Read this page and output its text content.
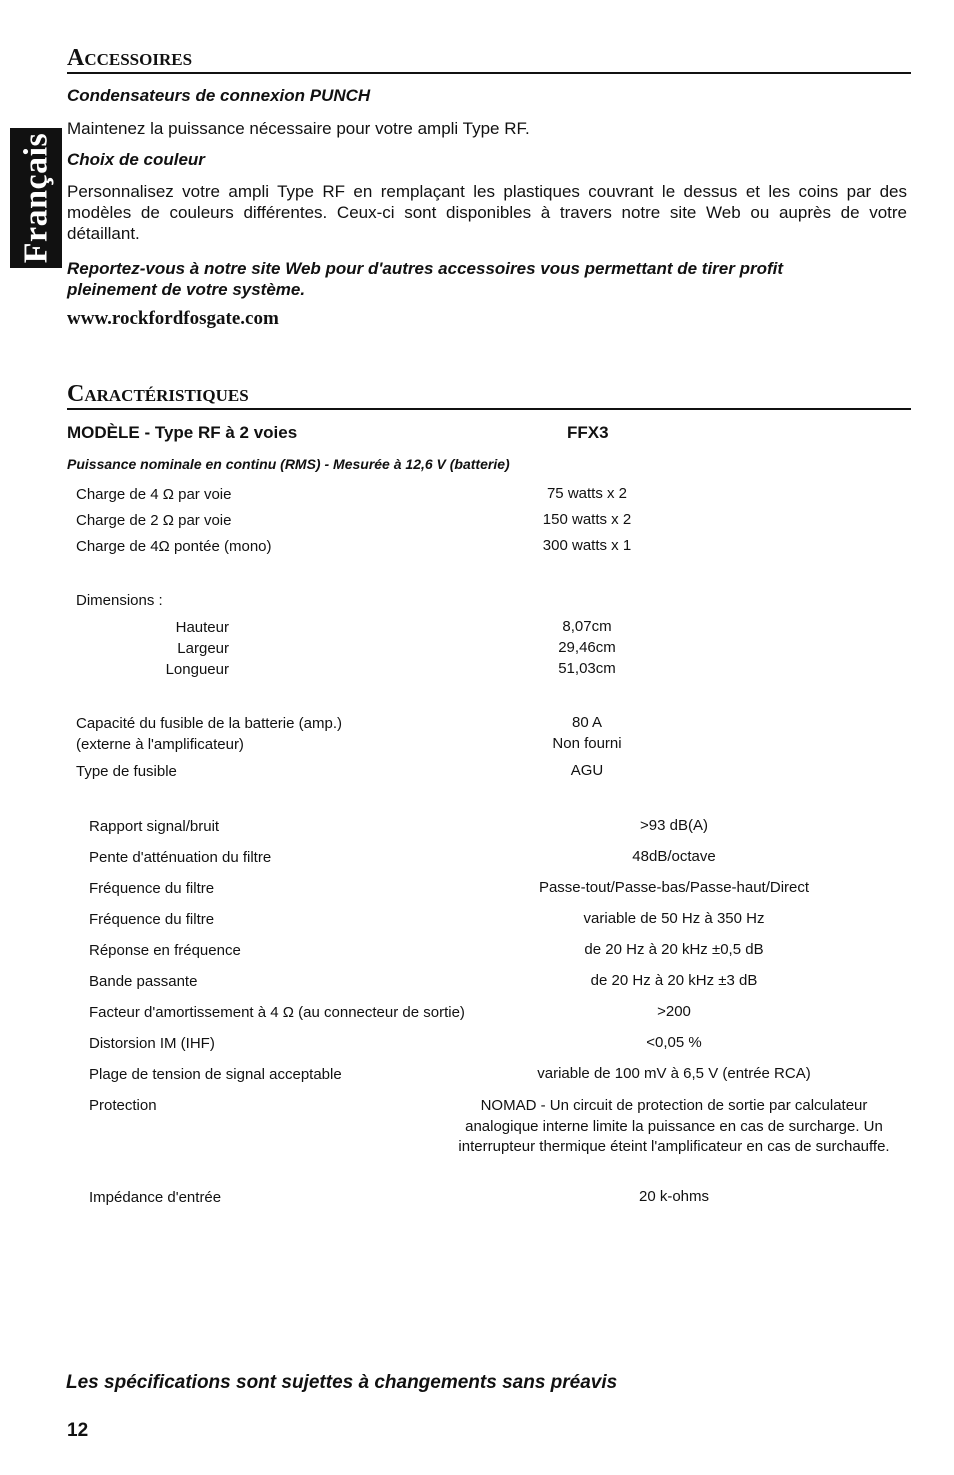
Français
Accessoires
Condensateurs de connexion PUNCH
Maintenez la puissance nécessaire pour votre ampli Type RF.
Choix de couleur
Personnalisez votre ampli Type RF en remplaçant les plastiques couvrant le dessus et les coins par des modèles de couleurs différentes. Ceux-ci sont disponibles à travers notre site Web ou auprès de votre détaillant.
Reportez-vous à notre site Web pour d'autres accessoires vous permettant de tirer profit pleinement de votre système.
www.rockfordfosgate.com
Caractéristiques
MODÈLE - Type RF à 2 voies	FFX3
Puissance nominale en continu (RMS) - Mesurée à 12,6 V (batterie)
Charge de 4 Ω par voie	75 watts x 2
Charge de 2 Ω par voie	150 watts x 2
Charge de 4Ω pontée (mono)	300 watts x 1
Dimensions :
Hauteur	8,07cm
Largeur	29,46cm
Longueur	51,03cm
Capacité du fusible de la batterie (amp.)	80 A
(externe à l'amplificateur)	Non fourni
Type de fusible	AGU
Rapport signal/bruit	>93 dB(A)
Pente d'atténuation du filtre	48dB/octave
Fréquence du filtre	Passe-tout/Passe-bas/Passe-haut/Direct
Fréquence du filtre	variable de 50 Hz à 350 Hz
Réponse en fréquence	de 20 Hz à 20 kHz ±0,5 dB
Bande passante	de 20 Hz à 20 kHz ±3 dB
Facteur d'amortissement à 4 Ω (au connecteur de sortie)	>200
Distorsion IM (IHF)	<0,05 %
Plage de tension de signal acceptable	variable de 100 mV à 6,5 V (entrée RCA)
Protection	NOMAD - Un circuit de protection de sortie par calculateur analogique interne limite la puissance en cas de surcharge. Un interrupteur thermique éteint l'amplificateur en cas de surchauffe.
Impédance d'entrée	20 k-ohms
Les spécifications sont sujettes à changements sans préavis
12
